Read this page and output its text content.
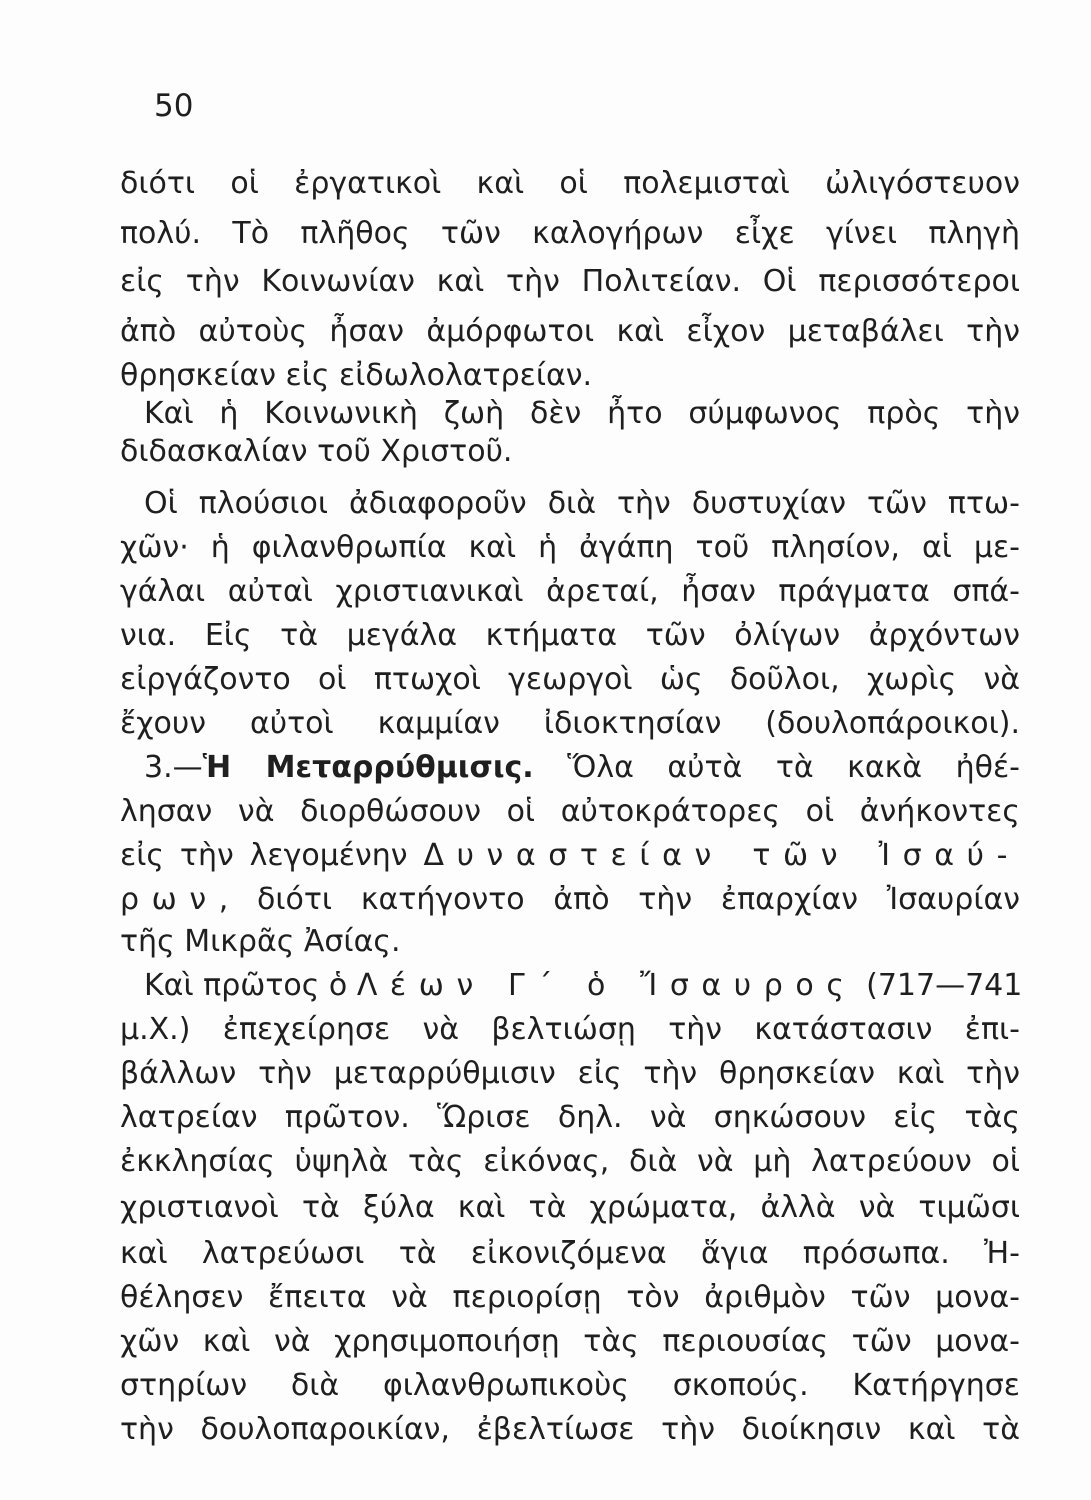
50
διότι οἱ ἐργατικοὶ καὶ οἱ πολεμισταὶ ὠλιγόστευον
πολύ. Τὸ πλῆθος τῶν καλογήρων εἶχε γίνει πληγὴ
εἰς τὴν Κοινωνίαν καὶ τὴν Πολιτείαν. Οἱ περισσότεροι
ἀπὸ αὐτοὺς ἦσαν ἀμόρφωτοι καὶ εἶχον μεταβάλει τὴν
θρησκείαν εἰς εἰδωλολατρείαν.
Καὶ ἡ Κοινωνικὴ ζωὴ δὲν ἦτο σύμφωνος πρὸς τὴν
διδασκαλίαν τοῦ Χριστοῦ.
Οἱ πλούσιοι ἀδιαφοροῦν διὰ τὴν δυστυχίαν τῶν πτω-
χῶν· ἡ φιλανθρωπία καὶ ἡ ἀγάπη τοῦ πλησίον, αἱ με-
γάλαι αὐταὶ χριστιανικαὶ ἀρεταί, ἦσαν πράγματα σπά-
νια. Εἰς τὰ μεγάλα κτήματα τῶν ὀλίγων ἀρχόντων
εἰργάζοντο οἱ πτωχοὶ γεωργοὶ ὡς δοῦλοι, χωρὶς νὰ
ἔχουν αὐτοὶ καμμίαν ἰδιοκτησίαν (δουλοπάροικοι).
3.—Ἡ Μεταρρύθμισις. Ὅλα αὐτὰ τὰ κακὰ ἠθέ-
λησαν νὰ διορθώσουν οἱ αὐτοκράτορες οἱ ἀνήκοντες
εἰς τὴν λεγομένην Δυναστείαν τῶν Ἰσαύ-
ρων, διότι κατήγοντο ἀπὸ τὴν ἐπαρχίαν Ἰσαυρίαν
τῆς Μικρᾶς Ἀσίας.
Καὶ πρῶτος ὁ Λέων Γ΄ ὁ Ἴσαυρος (717—741
μ.Χ.) ἐπεχείρησε νὰ βελτιώσῃ τὴν κατάστασιν ἐπι-
βάλλων τὴν μεταρρύθμισιν εἰς τὴν θρησκείαν καὶ τὴν
λατρείαν πρῶτον. Ὥρισε δηλ. νὰ σηκώσουν εἰς τὰς
ἐκκλησίας ὑψηλὰ τὰς εἰκόνας, διὰ νὰ μὴ λατρεύουν οἱ
χριστιανοὶ τὰ ξύλα καὶ τὰ χρώματα, ἀλλὰ νὰ τιμῶσι
καὶ λατρεύωσι τὰ εἰκονιζόμενα ἅγια πρόσωπα. Ἠ-
θέλησεν ἔπειτα νὰ περιορίσῃ τὸν ἀριθμὸν τῶν μονα-
χῶν καὶ νὰ χρησιμοποιήσῃ τὰς περιουσίας τῶν μονα-
στηρίων διὰ φιλανθρωπικοὺς σκοπούς. Κατήργησε
τὴν δουλοπαροικίαν, ἐβελτίωσε τὴν διοίκησιν καὶ τὰ
